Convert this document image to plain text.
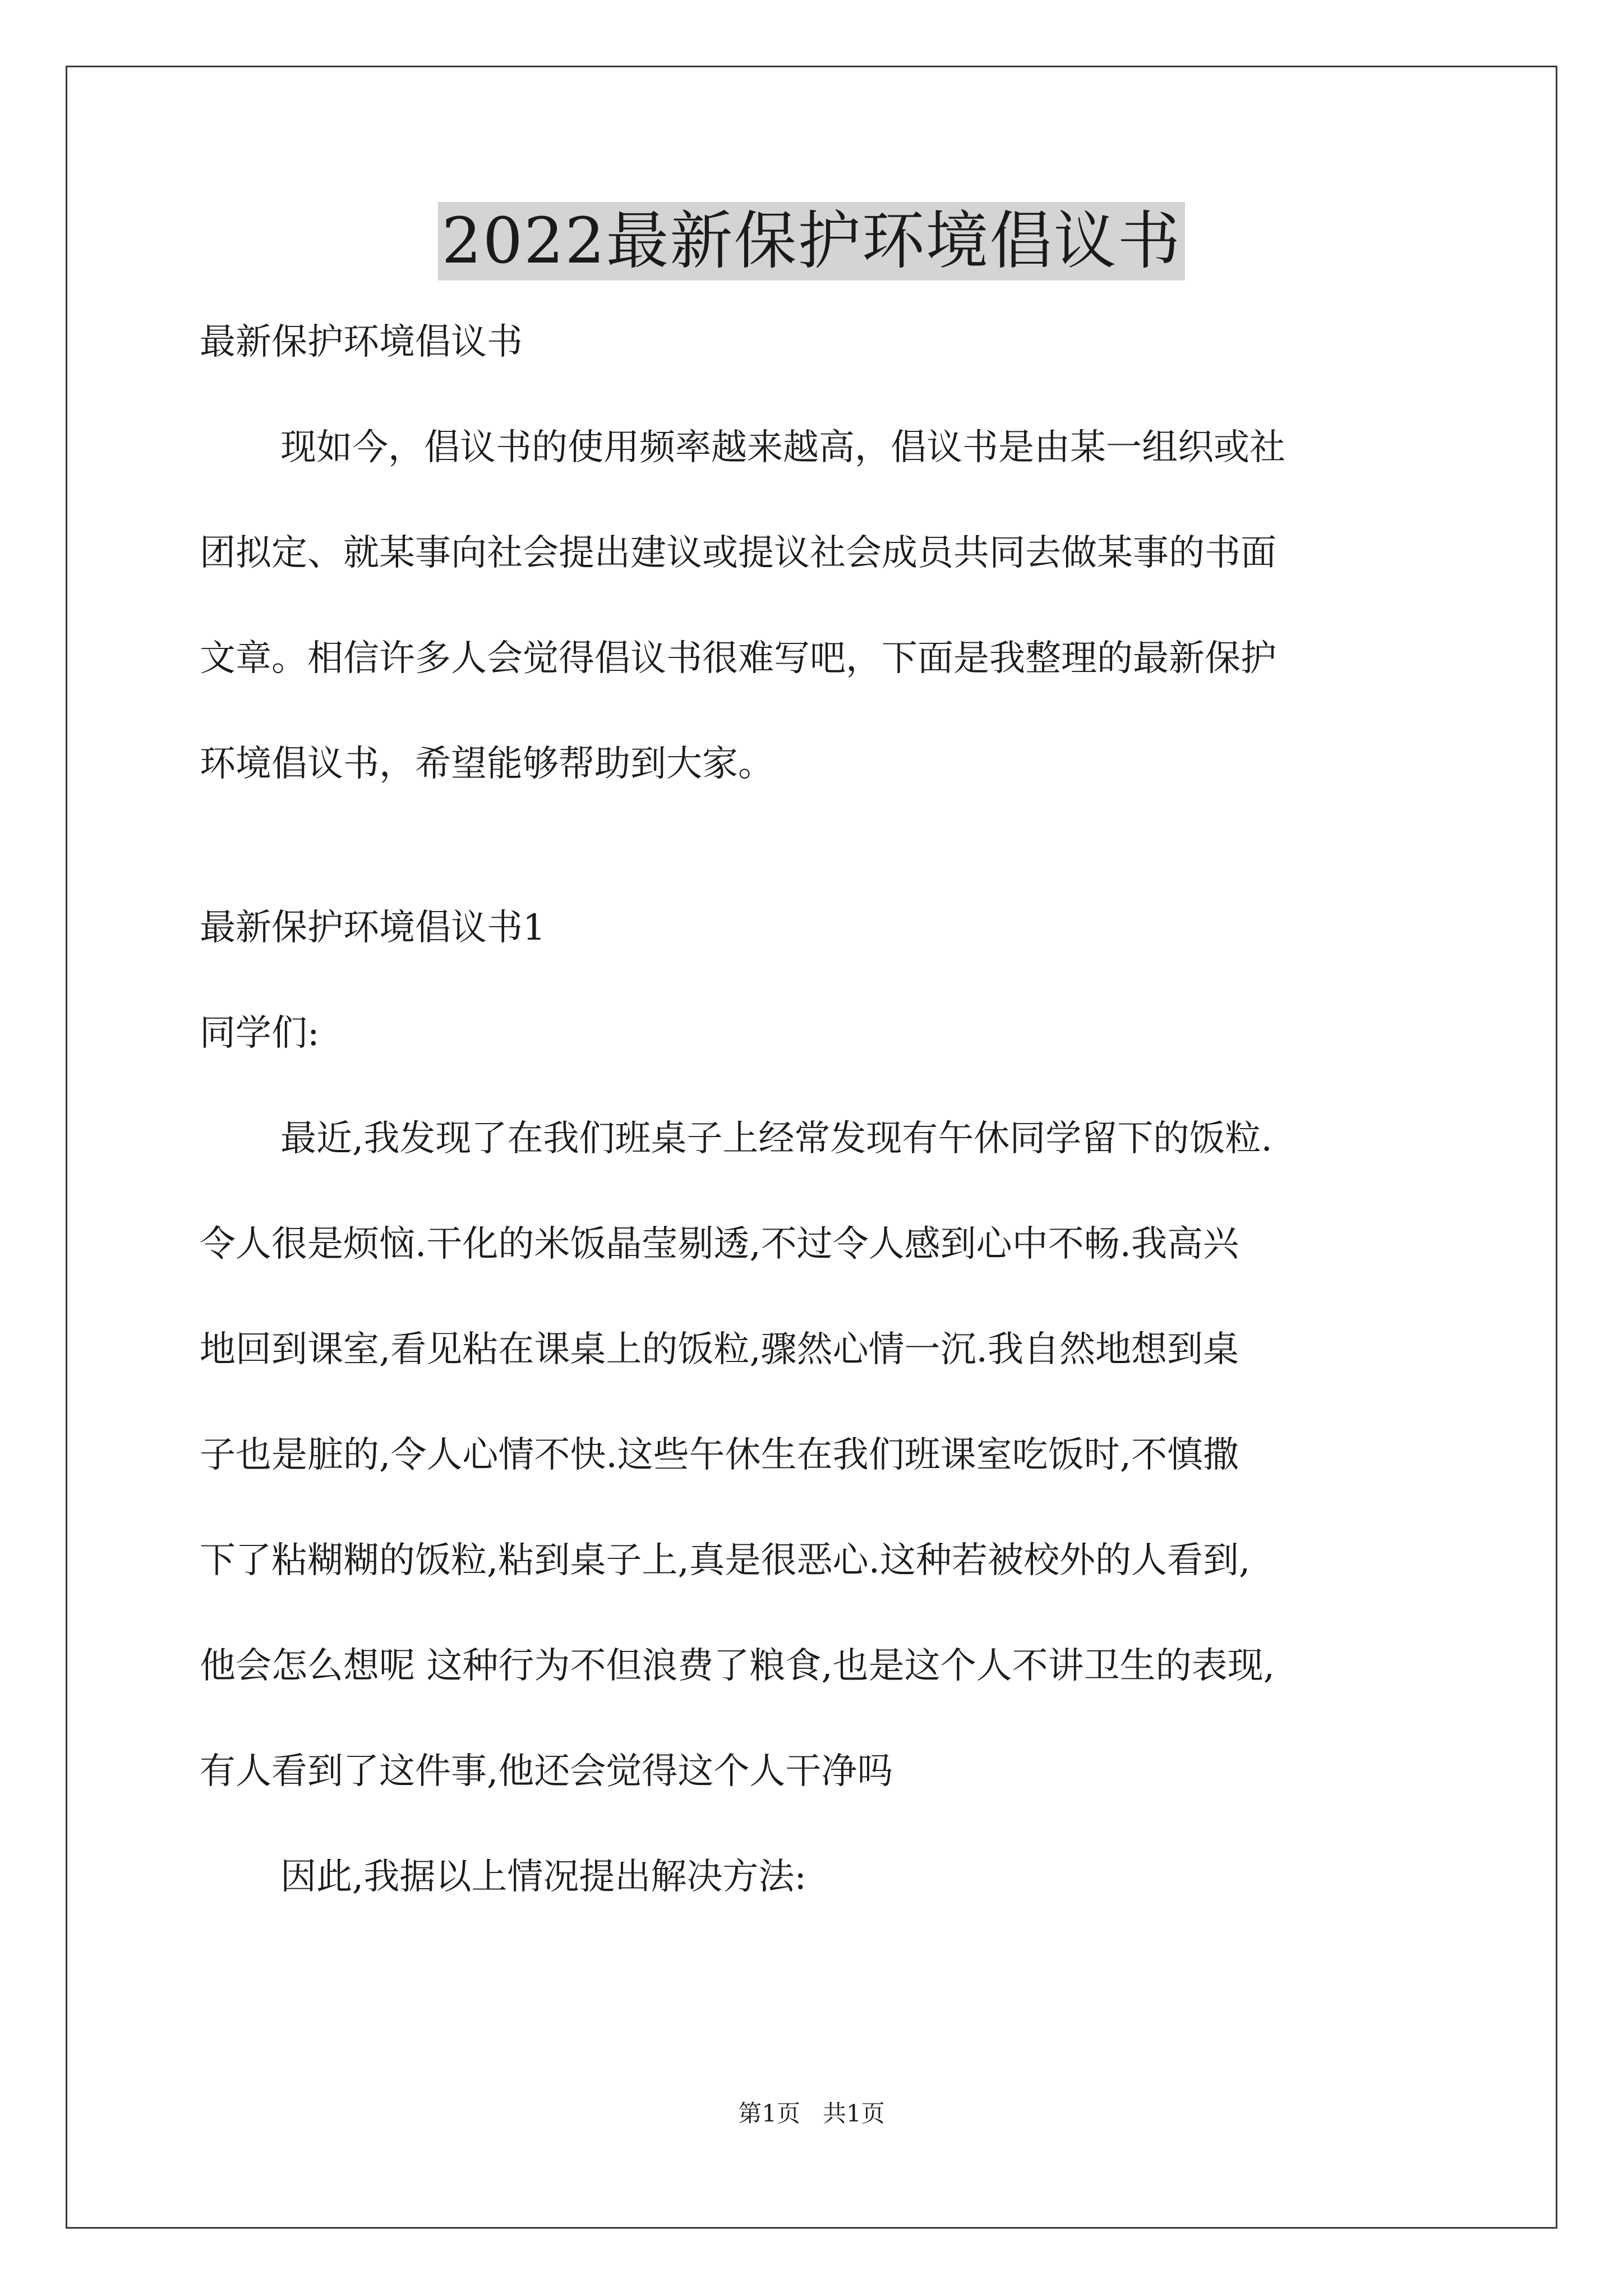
2022最新保护环境倡议书

最新保护环境倡议书

现如今，倡议书的使用频率越来越高，倡议书是由某一组织或社

团拟定、就某事向社会提出建议或提议社会成员共同去做某事的书面

文章。相信许多人会觉得倡议书很难写吧，下面是我整理的最新保护

环境倡议书，希望能够帮助到大家。

最新保护环境倡议书1

同学们:

最近,我发现了在我们班桌子上经常发现有午休同学留下的饭粒.

令人很是烦恼.干化的米饭晶莹剔透,不过令人感到心中不畅.我高兴

地回到课室,看见粘在课桌上的饭粒,骤然心情一沉.我自然地想到桌

子也是脏的,令人心情不快.这些午休生在我们班课室吃饭时,不慎撒

下了粘糊糊的饭粒,粘到桌子上,真是很恶心.这种若被校外的人看到,

他会怎么想呢 这种行为不但浪费了粮食,也是这个人不讲卫生的表现,

有人看到了这件事,他还会觉得这个人干净吗

因此,我据以上情况提出解决方法:

第1页   共1页
